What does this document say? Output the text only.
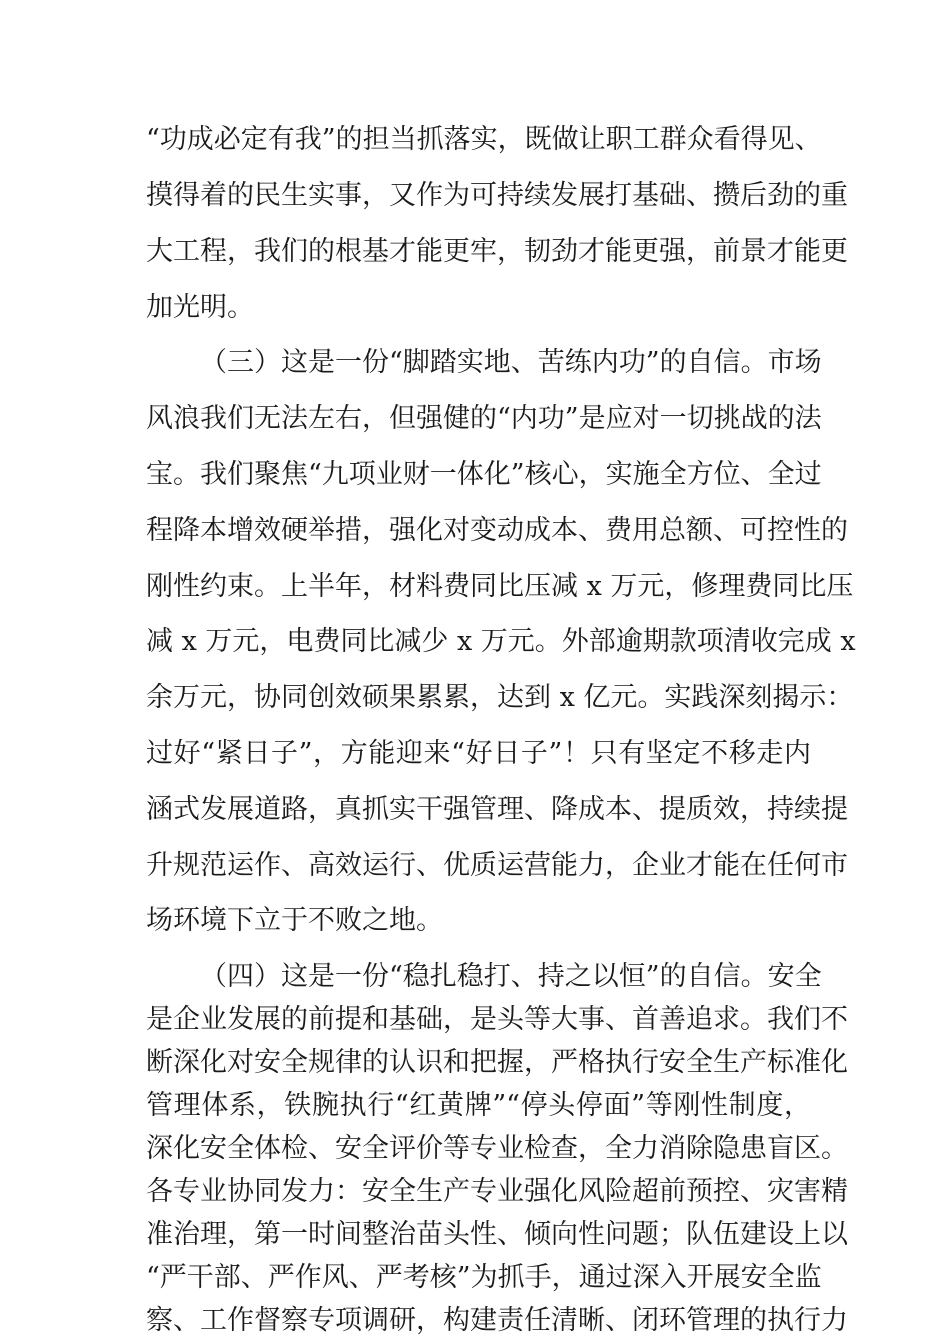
“功成必定有我”的担当抓落实，既做让职工群众看得见、
摸得着的民生实事，又作为可持续发展打基础、攒后劲的重
大工程，我们的根基才能更牢，韧劲才能更强，前景才能更
加光明。
（三）这是一份“脚踏实地、苦练内功”的自信。市场
风浪我们无法左右，但强健的“内功”是应对一切挑战的法
宝。我们聚焦“九项业财一体化”核心，实施全方位、全过
程降本增效硬举措，强化对变动成本、费用总额、可控性的
刚性约束。上半年，材料费同比压减 x 万元，修理费同比压
减 x 万元，电费同比减少 x 万元。外部逾期款项清收完成 x
余万元，协同创效硕果累累，达到 x 亿元。实践深刻揭示：
过好“紧日子”，方能迎来“好日子”！只有坚定不移走内
涵式发展道路，真抓实干强管理、降成本、提质效，持续提
升规范运作、高效运行、优质运营能力，企业才能在任何市
场环境下立于不败之地。
（四）这是一份“稳扎稳打、持之以恒”的自信。安全
是企业发展的前提和基础，是头等大事、首善追求。我们不
断深化对安全规律的认识和把握，严格执行安全生产标准化
管理体系，铁腕执行“红黄牌”“停头停面”等刚性制度，
深化安全体检、安全评价等专业检查，全力消除隐患盲区。
各专业协同发力：安全生产专业强化风险超前预控、灾害精
准治理，第一时间整治苗头性、倾向性问题；队伍建设上以
“严干部、严作风、严考核”为抓手，通过深入开展安全监
察、工作督察专项调研，构建责任清晰、闭环管理的执行力
